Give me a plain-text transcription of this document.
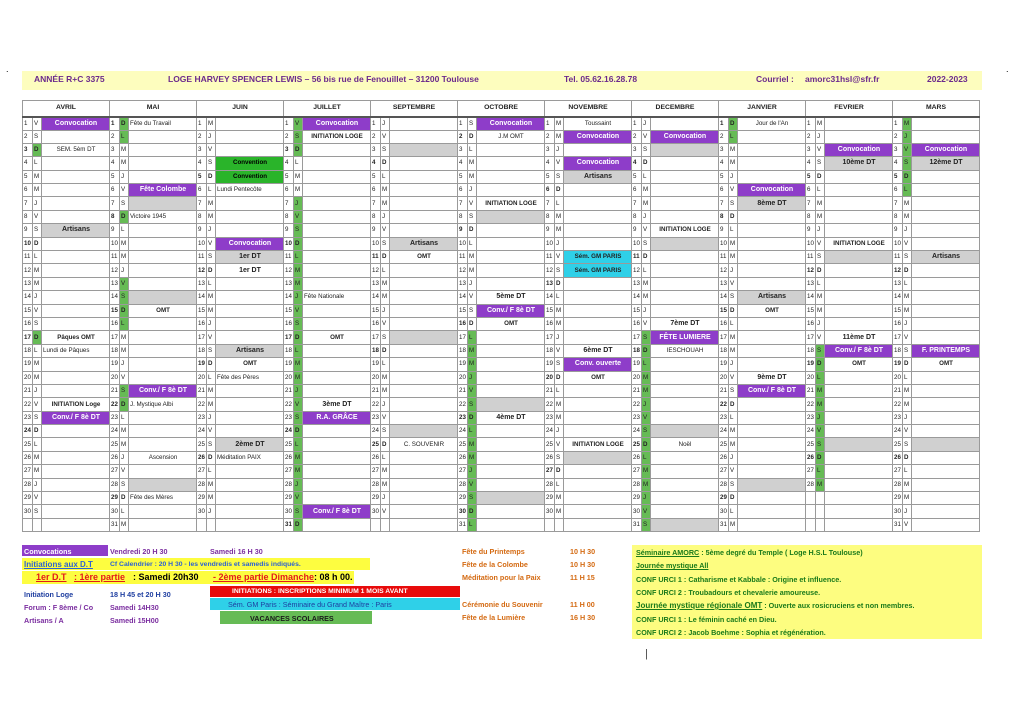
.	.
ANNÉE R+C 3375	LOGE HARVEY SPENCER LEWIS – 56 bis rue de Fenouillet – 31200 Toulouse	Tel. 05.62.16.28.78	Courriel : amorc31hsl@sfr.fr	2022-2023
AVRIL			MAI			JUIN			JUILLET			SEPTEMBRE			OCTOBRE			NOVEMBRE			DECEMBRE			JANVIER			FEVRIER			MARS		
1	V	Convocation	1	D	Fête du Travail	1	M		1	V	Convocation	1	J		1	S	Convocation	1	M	Toussaint	1	J		1	D	Jour de l'An	1	M		1	M	
2	S		2	L		2	J		2	S	INITIATION LOGE	2	V		2	D	J.M OMT	2	M	Convocation	2	V	Convocation	2	L		2	J		2	J	
3	D	SEM. 5èm DT	3	M		3	V		3	D		3	S		3	L		3	J		3	S		3	M		3	V	Convocation	3	V	Convocation
4	L		4	M		4	S	Convention	4	L		4	D		4	M		4	V	Convocation	4	D		4	M		4	S	10ème DT	4	S	12ème DT
5	M		5	J		5	D	Convention	5	M		5	L		5	M		5	S	Artisans	5	L		5	J		5	D		5	D	
6	M		6	V	Fête Colombe	6	L	Lundi Pentecôte	6	M		6	M		6	J		6	D		6	M		6	V	Convocation	6	L		6	L	
7	J		7	S		7	M		7	J		7	M		7	V	INITIATION LOGE	7	L		7	M		7	S	8ème DT	7	M		7	M	
8	V		8	D	Victoire 1945	8	M		8	V		8	J		8	S		8	M		8	J		8	D		8	M		8	M	
9	S	Artisans	9	L		9	J		9	S		9	V		9	D		9	M		9	V	INITIATION LOGE	9	L		9	J		9	J	
10	D		10	M		10	V	Convocation	10	D		10	S	Artisans	10	L		10	J		10	S		10	M		10	V	INITIATION LOGE	10	V	
11	L		11	M		11	S	1er DT	11	L		11	D	OMT	11	M		11	V	Sém. GM PARIS	11	D		11	M		11	S		11	S	Artisans
12	M		12	J		12	D	1er DT	12	M		12	L		12	M		12	S	Sém. GM PARIS	12	L		12	J		12	D		12	D	
13	M		13	V		13	L		13	M		13	M		13	J		13	D		13	M		13	V		13	L		13	L	
14	J		14	S		14	M		14	J	Fête Nationale	14	M		14	V	5ème DT	14	L		14	M		14	S	Artisans	14	M		14	M	
15	V		15	D	OMT	15	M		15	V		15	J		15	S	Conv./ F 8è DT	15	M		15	J		15	D	OMT	15	M		15	M	
16	S		16	L		16	J		16	S		16	V		16	D	OMT	16	M		16	V	7ème DT	16	L		16	J		16	J	
17	D	Pâques OMT	17	M		17	V		17	D	OMT	17	S		17	L		17	J		17	S	FÊTE LUMIERE	17	M		17	V	11ème DT	17	V	
18	L	Lundi de Pâques	18	M		18	S	Artisans	18	L		18	D		18	M		18	V	6ème DT	18	D	IESCHOUAH	18	M		18	S	Conv./ F 8è DT	18	S	F. PRINTEMPS
19	M		19	J		19	D	OMT	19	M		19	L		19	M		19	S	Conv. ouverte	19	L		19	J		19	D	OMT	19	D	OMT
20	M		20	V		20	L	Fête des Pères	20	M		20	M		20	J		20	D	OMT	20	M		20	V	9ème DT	20	L		20	L	
21	J		21	S	Conv./ F 8è DT	21	M		21	J		21	M		21	V		21	L		21	M		21	S	Conv./ F 8è DT	21	M		21	M	
22	V	INITIATION Loge	22	D	J. Mystique Albi	22	M		22	V	3ème DT	22	J		22	S		22	M		22	J		22	D		22	M		22	M	
23	S	Conv./ F 8è DT	23	L		23	J		23	S	R.A. GRÂCE	23	V		23	D	4ème DT	23	M		23	V		23	L		23	J		23	J	
24	D		24	M		24	V		24	D		24	S		24	L		24	J		24	S		24	M		24	V		24	V	
25	L		25	M		25	S	2ème DT	25	L		25	D	C. SOUVENIR	25	M		25	V	INITIATION LOGE	25	D	Noël	25	M		25	S		25	S	
26	M		26	J	Ascension	26	D	Méditation PAIX	26	M		26	L		26	M		26	S		26	L		26	J		26	D		26	D	
27	M		27	V		27	L		27	M		27	M		27	J		27	D		27	M		27	V		27	L		27	L	
28	J		28	S		28	M		28	J		28	M		28	V		28	L		28	M		28	S		28	M		28	M	
29	V		29	D	Fête des Mères	29	M		29	V		29	J		29	S		29	M		29	J		29	D					29	M	
30	S		30	L		30	J		30	S	Conv./ F 8è DT	30	V		30	D		30	M		30	V		30	L					30	J	
			31	M					31	D					31	L					31	S		31	M					31	V	
Convocations	Vendredi 20 H 30	Samedi 16 H 30
Initiations aux D.T	Cf Calendrier : 20 H 30 - les vendredis et samedis indiqués.
1er D.T : 1ère partie : Samedi 20h30 - 2ème partie Dimanche : 08 h 00.
Initiation Loge	18 H 45 et 20 H 30	INITIATIONS : INSCRIPTIONS MINIMUM 1 MOIS AVANT
Forum : F 8ème / Co Samedi 14H30	Sém. GM Paris : Séminaire du Grand Maître : Paris
Artisans / A	Samedi 15H00	VACANCES SCOLAIRES
Fête du Printemps	10 H 30
Fête de la Colombe	10 H 30
Méditation pour la Paix	11 H 15
Cérémonie du Souvenir	11 H 00
Fête de la Lumière	16 H 30
Séminaire AMORC : 5ème degré du Temple ( Loge H.S.L Toulouse)
Journée mystique All
CONF URCI 1 : Catharisme et Kabbale : Origine et influence.
CONF URCI 2 : Troubadours et chevalerie amoureuse.
Journée mystique régionale OMT : Ouverte aux rosicruciens et non membres.
CONF URCI 1 : Le féminin caché en Dieu.
CONF URCI 2 : Jacob Boehme : Sophia et régénération.
|
